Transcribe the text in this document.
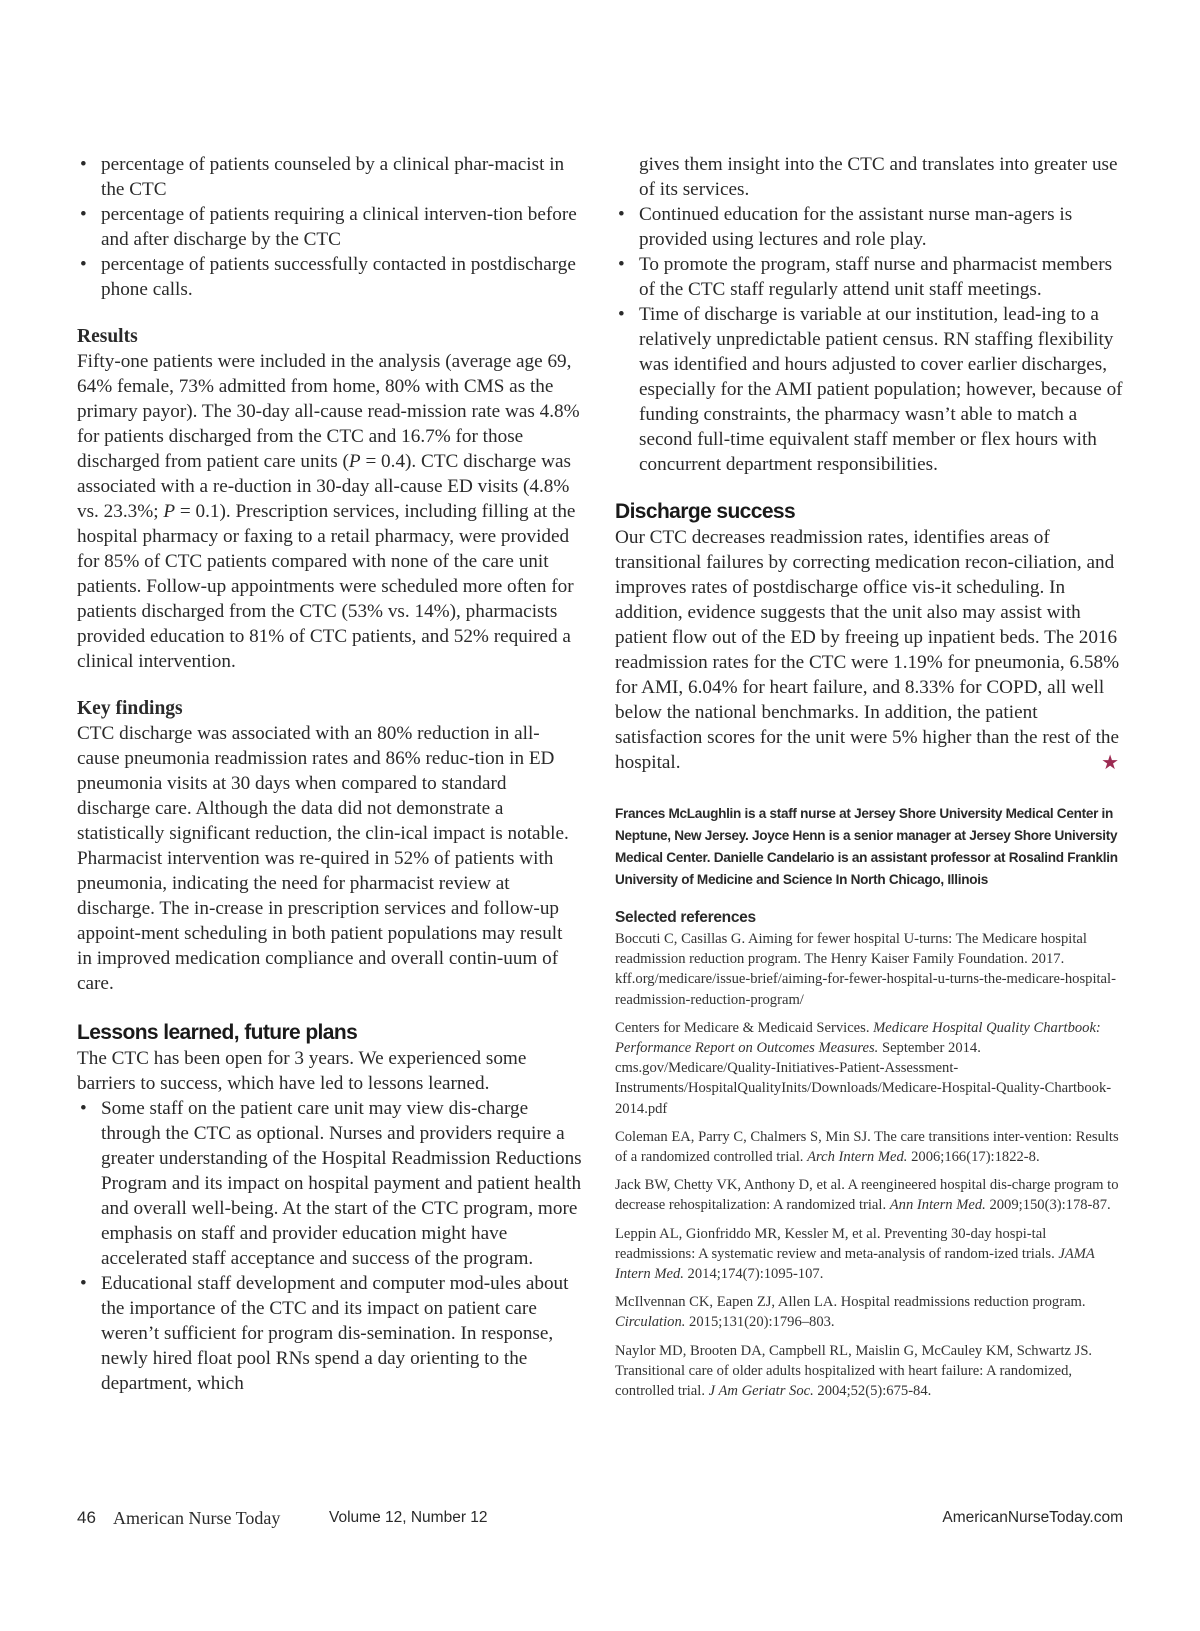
• percentage of patients counseled by a clinical phar-macist in the CTC
• percentage of patients requiring a clinical interven-tion before and after discharge by the CTC
• percentage of patients successfully contacted in postdischarge phone calls.
Results

Fifty-one patients were included in the analysis (average age 69, 64% female, 73% admitted from home, 80% with CMS as the primary payor). The 30-day all-cause read-mission rate was 4.8% for patients discharged from the CTC and 16.7% for those discharged from patient care units (P = 0.4). CTC discharge was associated with a re-duction in 30-day all-cause ED visits (4.8% vs. 23.3%; P = 0.1). Prescription services, including filling at the hospital pharmacy or faxing to a retail pharmacy, were provided for 85% of CTC patients compared with none of the care unit patients. Follow-up appointments were scheduled more often for patients discharged from the CTC (53% vs. 14%), pharmacists provided education to 81% of CTC patients, and 52% required a clinical intervention.

Key findings

CTC discharge was associated with an 80% reduction in all-cause pneumonia readmission rates and 86% reduc-tion in ED pneumonia visits at 30 days when compared to standard discharge care. Although the data did not demonstrate a statistically significant reduction, the clin-ical impact is notable. Pharmacist intervention was re-quired in 52% of patients with pneumonia, indicating the need for pharmacist review at discharge. The in-crease in prescription services and follow-up appoint-ment scheduling in both patient populations may result in improved medication compliance and overall contin-uum of care.

Lessons learned, future plans

The CTC has been open for 3 years. We experienced some barriers to success, which have led to lessons learned.

• Some staff on the patient care unit may view dis-charge through the CTC as optional. Nurses and providers require a greater understanding of the Hospital Readmission Reductions Program and its impact on hospital payment and patient health and overall well-being. At the start of the CTC program, more emphasis on staff and provider education might have accelerated staff acceptance and success of the program.
• Educational staff development and computer mod-ules about the importance of the CTC and its impact on patient care weren’t sufficient for program dis-semination. In response, newly hired float pool RNs spend a day orienting to the department, which

gives them insight into the CTC and translates into greater use of its services.

• Continued education for the assistant nurse man-agers is provided using lectures and role play.
• To promote the program, staff nurse and pharmacist members of the CTC staff regularly attend unit staff meetings.
• Time of discharge is variable at our institution, lead-ing to a relatively unpredictable patient census. RN staffing flexibility was identified and hours adjusted to cover earlier discharges, especially for the AMI patient population; however, because of funding constraints, the pharmacy wasn’t able to match a second full-time equivalent staff member or flex hours with concurrent department responsibilities.
Discharge success

Our CTC decreases readmission rates, identifies areas of transitional failures by correcting medication recon-ciliation, and improves rates of postdischarge office vis-it scheduling. In addition, evidence suggests that the unit also may assist with patient flow out of the ED by freeing up inpatient beds. The 2016 readmission rates for the CTC were 1.19% for pneumonia, 6.58% for AMI, 6.04% for heart failure, and 8.33% for COPD, all well below the national benchmarks. In addition, the patient satisfaction scores for the unit were 5% higher than the rest of the hospital.	★

Frances McLaughlin is a staff nurse at Jersey Shore University Medical Center in Neptune, New Jersey. Joyce Henn is a senior manager at Jersey Shore University Medical Center. Danielle Candelario is an assistant professor at Rosalind Franklin University of Medicine and Science In North Chicago, Illinois

Selected references

Boccuti C, Casillas G. Aiming for fewer hospital U-turns: The Medicare hospital readmission reduction program. The Henry Kaiser Family Foundation. 2017. kff.org/medicare/issue-brief/aiming-for-fewer-hospital-u-turns-the-medicare-hospital-readmission-reduction-program/

Centers for Medicare & Medicaid Services. Medicare Hospital Quality Chartbook: Performance Report on Outcomes Measures. September 2014. cms.gov/Medicare/Quality-Initiatives-Patient-Assessment-Instruments/HospitalQualityInits/Downloads/Medicare-Hospital-Quality-Chartbook-2014.pdf

Coleman EA, Parry C, Chalmers S, Min SJ. The care transitions inter-vention: Results of a randomized controlled trial. Arch Intern Med. 2006;166(17):1822-8.

Jack BW, Chetty VK, Anthony D, et al. A reengineered hospital dis-charge program to decrease rehospitalization: A randomized trial. Ann Intern Med. 2009;150(3):178-87.

Leppin AL, Gionfriddo MR, Kessler M, et al. Preventing 30-day hospi-tal readmissions: A systematic review and meta-analysis of random-ized trials. JAMA Intern Med. 2014;174(7):1095-107.

McIlvennan CK, Eapen ZJ, Allen LA. Hospital readmissions reduction program. Circulation. 2015;131(20):1796–803.

Naylor MD, Brooten DA, Campbell RL, Maislin G, McCauley KM, Schwartz JS. Transitional care of older adults hospitalized with heart failure: A randomized, controlled trial. J Am Geriatr Soc. 2004;52(5):675-84.

46 American Nurse Today	Volume 12, Number 12	AmericanNurseToday.com
